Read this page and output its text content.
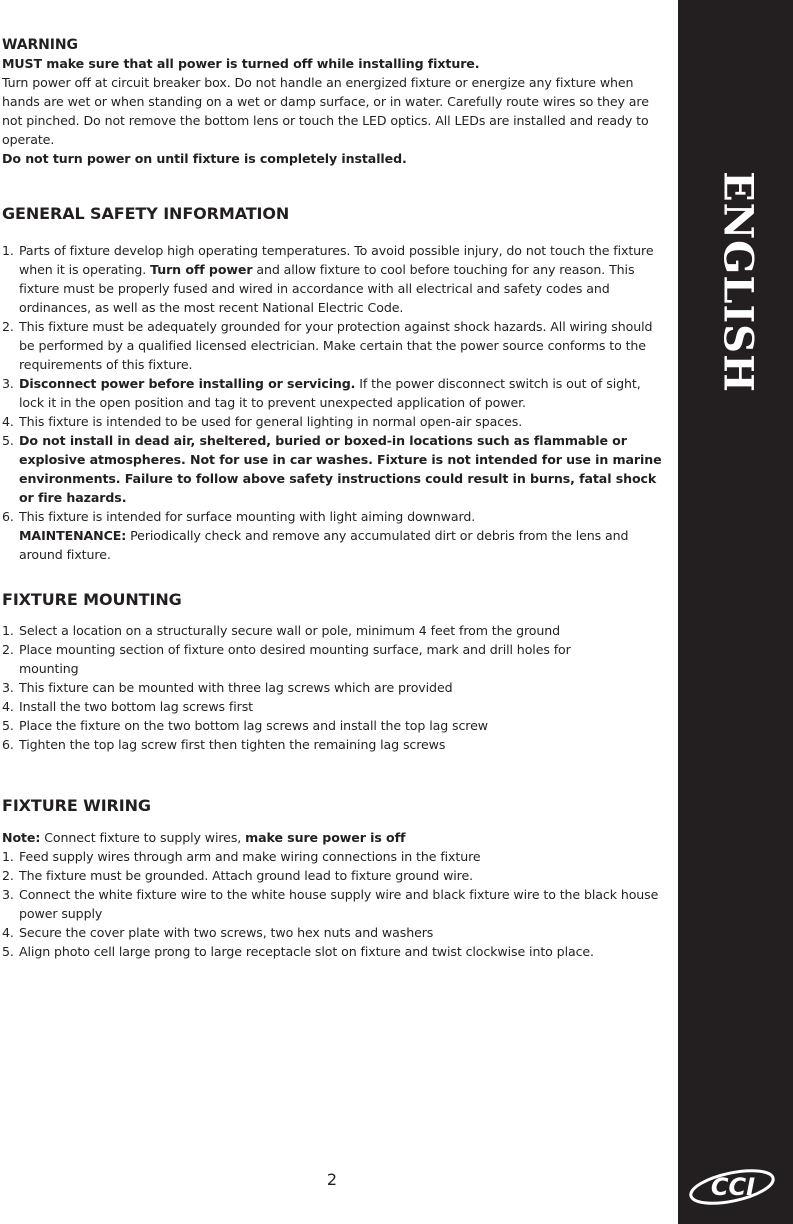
WARNING

MUST make sure that all power is turned off while installing fixture.

Turn power off at circuit breaker box. Do not handle an energized fixture or energize any fixture when hands are wet or when standing on a wet or damp surface, or in water. Carefully route wires so they are not pinched. Do not remove the bottom lens or touch the LED optics. All LEDs are installed and ready to operate.

Do not turn power on until fixture is completely installed.

GENERAL SAFETY INFORMATION

1. Parts of fixture develop high operating temperatures. To avoid possible injury, do not touch the fixture when it is operating. Turn off power and allow fixture to cool before touching for any reason. This fixture must be properly fused and wired in accordance with all electrical and safety codes and ordinances, as well as the most recent National Electric Code.
2. This fixture must be adequately grounded for your protection against shock hazards. All wiring should be performed by a qualified licensed electrician. Make certain that the power source conforms to the requirements of this fixture.
3. Disconnect power before installing or servicing. If the power disconnect switch is out of sight, lock it in the open position and tag it to prevent unexpected application of power.
4. This fixture is intended to be used for general lighting in normal open-air spaces.
5. Do not install in dead air, sheltered, buried or boxed-in locations such as flammable or explosive atmospheres. Not for use in car washes. Fixture is not intended for use in marine environments. Failure to follow above safety instructions could result in burns, fatal shock or fire hazards.
6. This fixture is intended for surface mounting with light aiming downward.
MAINTENANCE: Periodically check and remove any accumulated dirt or debris from the lens and around fixture.

FIXTURE MOUNTING

1. Select a location on a structurally secure wall or pole, minimum 4 feet from the ground
2. Place mounting section of fixture onto desired mounting surface, mark and drill holes for mounting
3. This fixture can be mounted with three lag screws which are provided
4. Install the two bottom lag screws first
5. Place the fixture on the two bottom lag screws and install the top lag screw
6. Tighten the top lag screw first then tighten the remaining lag screws

FIXTURE WIRING

Note: Connect fixture to supply wires, make sure power is off

1. Feed supply wires through arm and make wiring connections in the fixture
2. The fixture must be grounded. Attach ground lead to fixture ground wire.
3. Connect the white fixture wire to the white house supply wire and black fixture wire to the black house power supply
4. Secure the cover plate with two screws, two hex nuts and washers
5. Align photo cell large prong to large receptacle slot on fixture and twist clockwise into place.
2
ENGLISH
CCI
